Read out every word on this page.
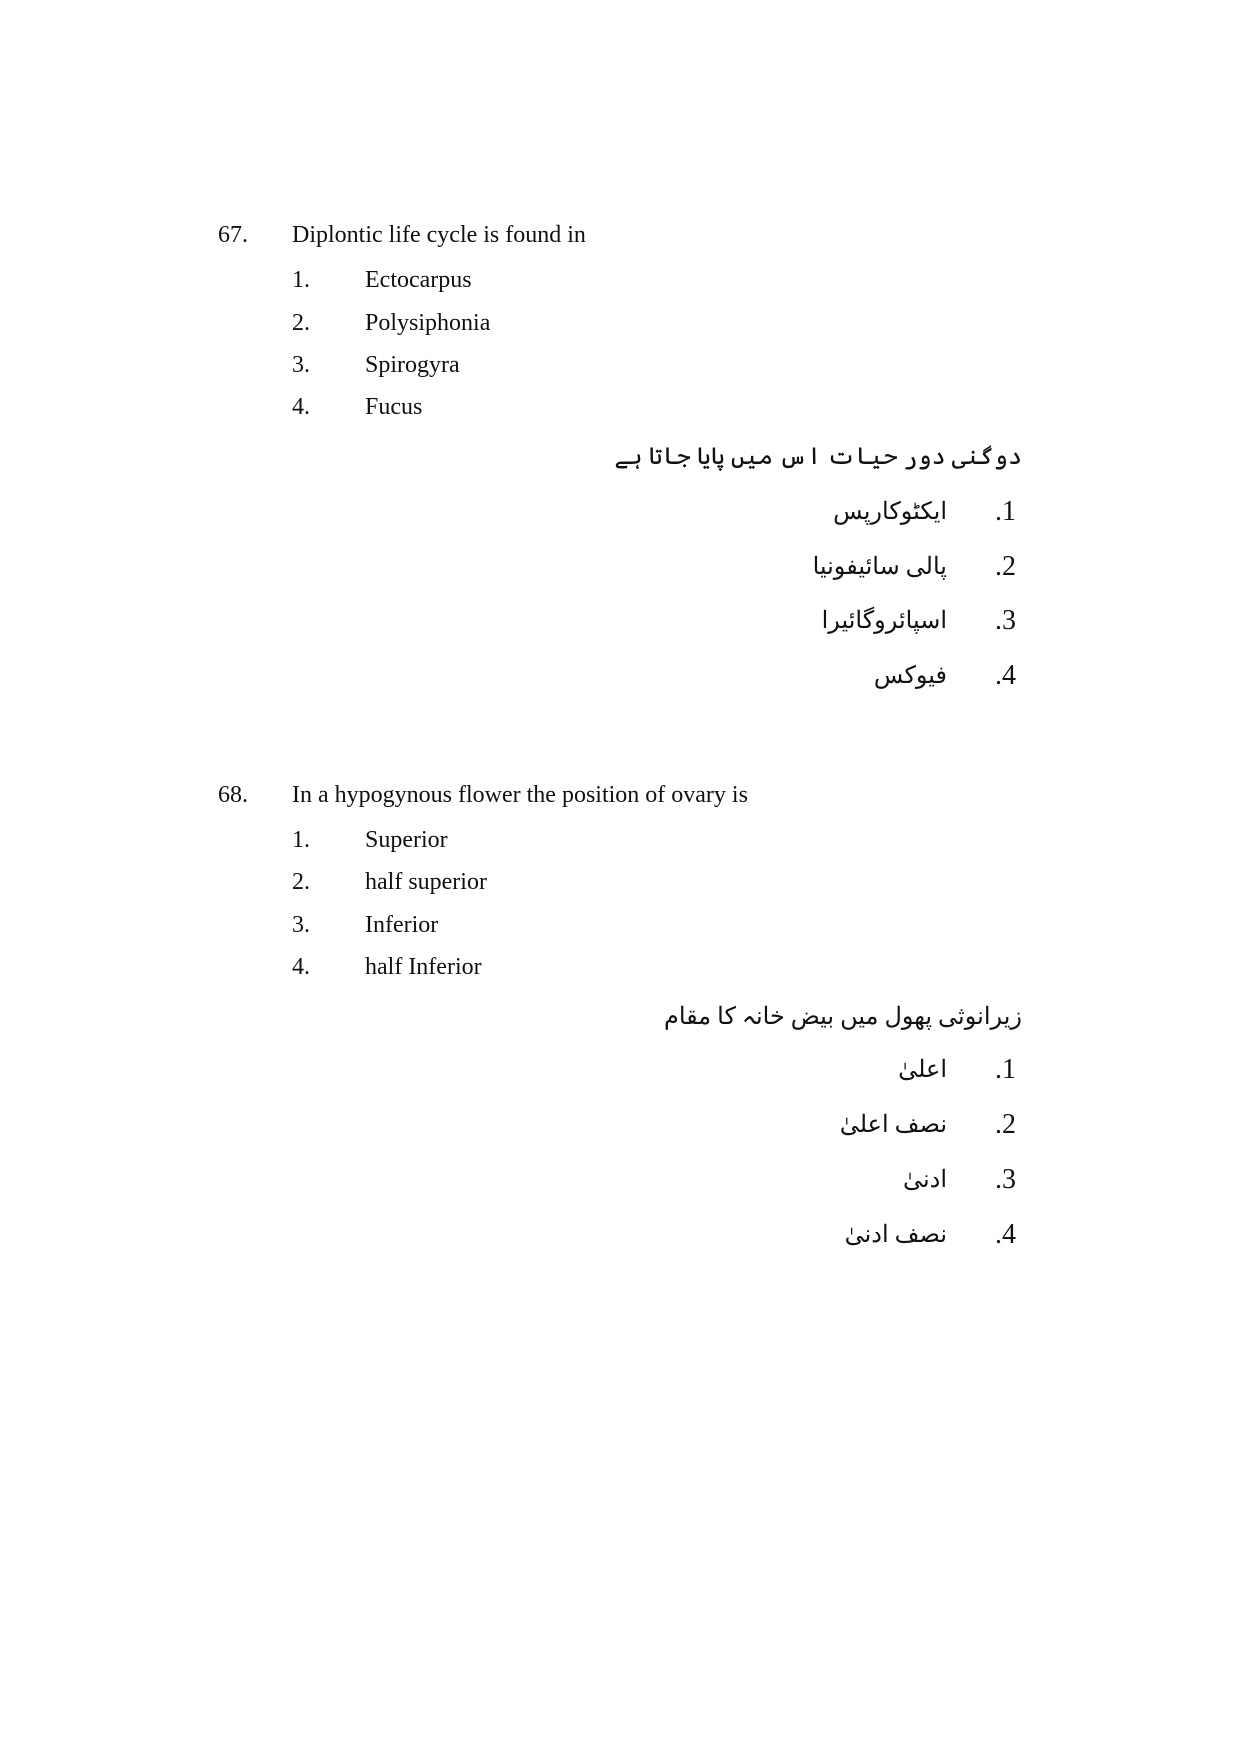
67. Diplontic life cycle is found in
1. Ectocarpus
2. Polysiphonia
3. Spirogyra
4. Fucus
دوگنی دور حیات اس میں پایا جاتا ہے
.1
ایکٹوکارپس
.2
پالی سائیفونیا
.3
اسپائروگائیرا
.4
فیوکس
68. In a hypogynous flower the position of ovary is
1. Superior
2. half superior
3. Inferior
4. half Inferior
زیرانوثی پھول میں بیض خانہ کا مقام
.1
اعلیٰ
.2
نصف اعلیٰ
.3
ادنیٰ
.4
نصف ادنیٰ
